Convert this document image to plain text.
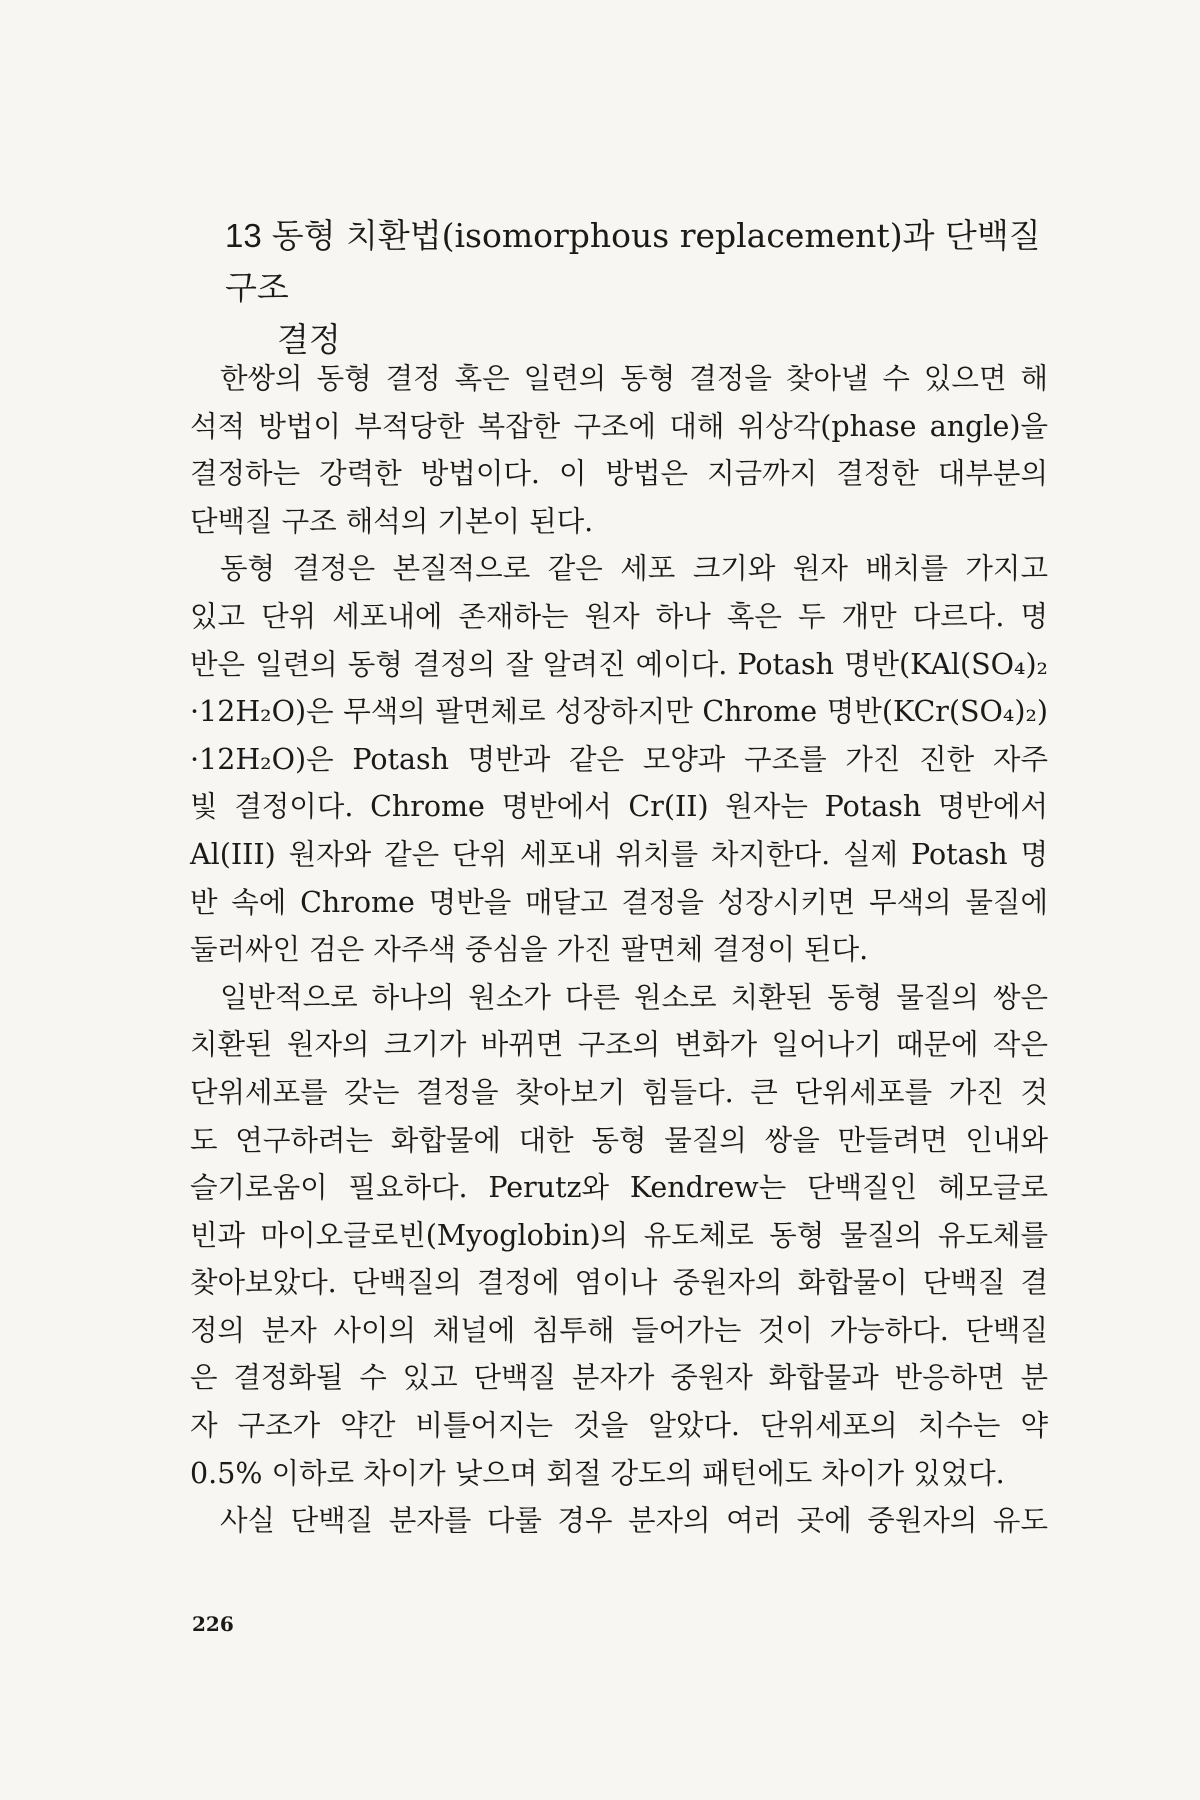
13 동형 치환법(isomorphous replacement)과 단백질 구조
결정

한쌍의 동형 결정 혹은 일련의 동형 결정을 찾아낼 수 있으면 해
석적 방법이 부적당한 복잡한 구조에 대해 위상각(phase angle)을
결정하는 강력한 방법이다. 이 방법은 지금까지 결정한 대부분의
단백질 구조 해석의 기본이 된다.

동형 결정은 본질적으로 같은 세포 크기와 원자 배치를 가지고
있고 단위 세포내에 존재하는 원자 하나 혹은 두 개만 다르다. 명
반은 일련의 동형 결정의 잘 알려진 예이다. Potash 명반(KAl(SO₄)₂
·12H₂O)은 무색의 팔면체로 성장하지만 Chrome 명반(KCr(SO₄)₂)
·12H₂O)은 Potash 명반과 같은 모양과 구조를 가진 진한 자주
빛 결정이다. Chrome 명반에서 Cr(II) 원자는 Potash 명반에서
Al(III) 원자와 같은 단위 세포내 위치를 차지한다. 실제 Potash 명
반 속에 Chrome 명반을 매달고 결정을 성장시키면 무색의 물질에
둘러싸인 검은 자주색 중심을 가진 팔면체 결정이 된다.

일반적으로 하나의 원소가 다른 원소로 치환된 동형 물질의 쌍은
치환된 원자의 크기가 바뀌면 구조의 변화가 일어나기 때문에 작은
단위세포를 갖는 결정을 찾아보기 힘들다. 큰 단위세포를 가진 것
도 연구하려는 화합물에 대한 동형 물질의 쌍을 만들려면 인내와
슬기로움이 필요하다. Perutz와 Kendrew는 단백질인 헤모글로
빈과 마이오글로빈(Myoglobin)의 유도체로 동형 물질의 유도체를
찾아보았다. 단백질의 결정에 염이나 중원자의 화합물이 단백질 결
정의 분자 사이의 채널에 침투해 들어가는 것이 가능하다. 단백질
은 결정화될 수 있고 단백질 분자가 중원자 화합물과 반응하면 분
자 구조가 약간 비틀어지는 것을 알았다. 단위세포의 치수는 약
0.5% 이하로 차이가 낮으며 회절 강도의 패턴에도 차이가 있었다.

사실 단백질 분자를 다룰 경우 분자의 여러 곳에 중원자의 유도

226
